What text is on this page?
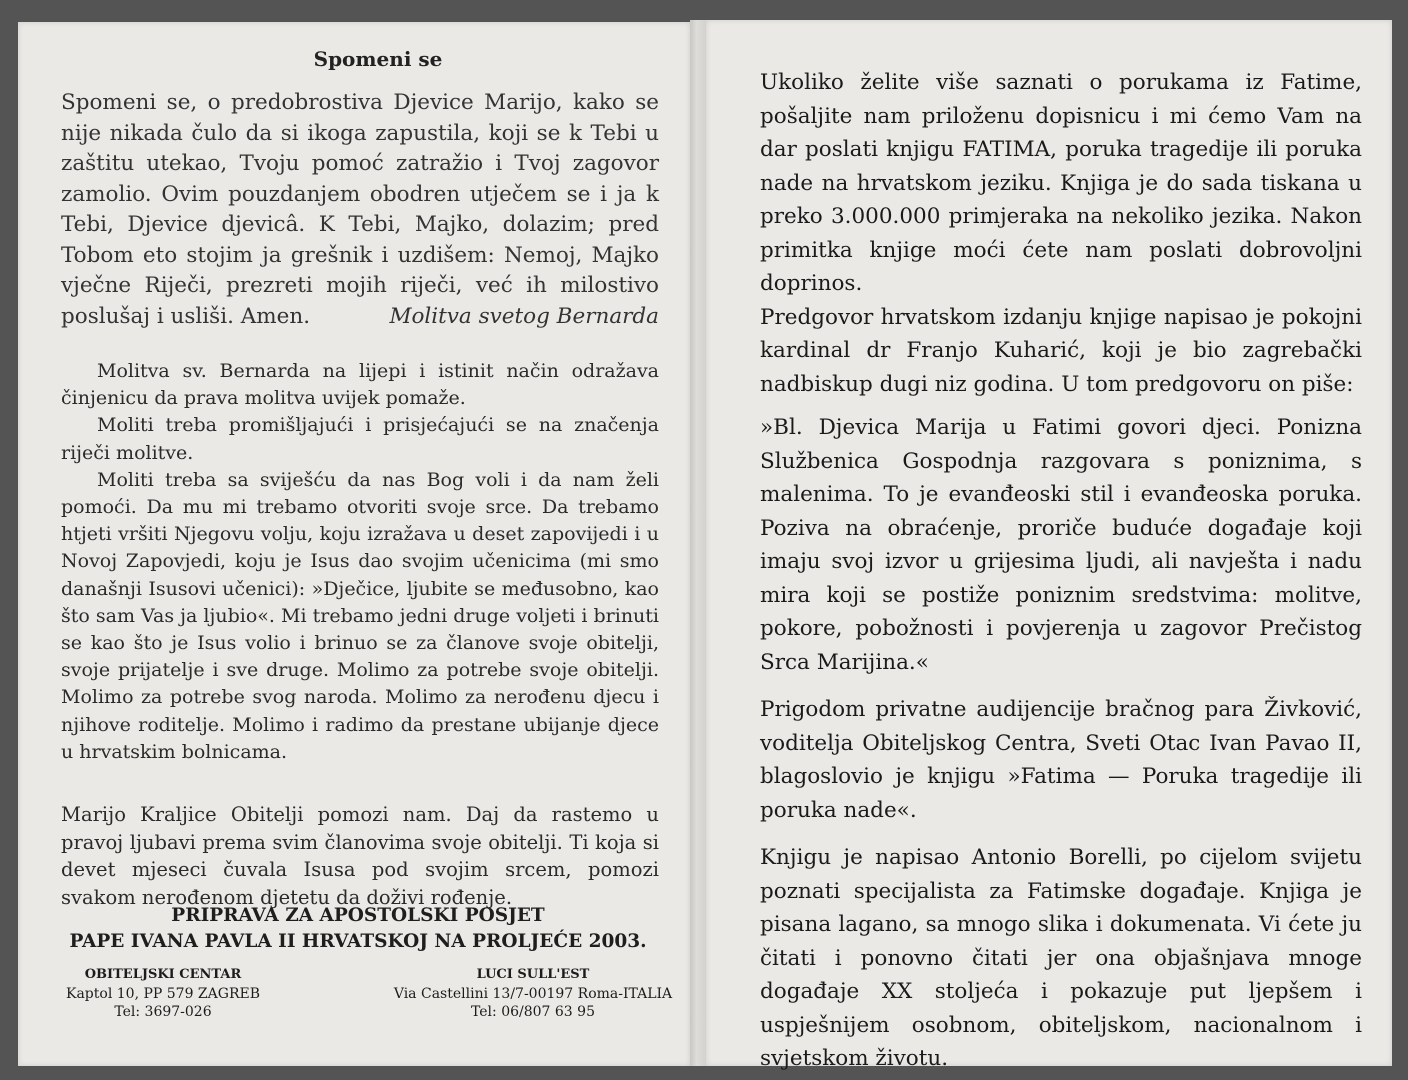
Spomeni se

Spomeni se, o predobrostiva Djevice Marijo, kako se nije nikada čulo da si ikoga zapustila, koji se k Tebi u zaštitu utekao, Tvoju pomoć zatražio i Tvoj zagovor zamolio. Ovim pouzdanjem obodren utječem se i ja k Tebi, Djevice djevicâ. K Tebi, Majko, dolazim; pred Tobom eto stojim ja grešnik i uzdišem: Nemoj, Majko vječne Riječi, prezreti mojih riječi, već ih milostivo poslušaj i usliši. Amen.	Molitva svetog Bernarda

Molitva sv. Bernarda na lijepi i istinit način odražava činjenicu da prava molitva uvijek pomaže.

Moliti treba promišljajući i prisjećajući se na značenja riječi molitve.

Moliti treba sa sviješću da nas Bog voli i da nam želi pomoći. Da mu mi trebamo otvoriti svoje srce. Da trebamo htjeti vršiti Njegovu volju, koju izražava u deset zapovijedi i u Novoj Zapovjedi, koju je Isus dao svojim učenicima (mi smo današnji Isusovi učenici): »Dječice, ljubite se međusobno, kao što sam Vas ja ljubio«. Mi trebamo jedni druge voljeti i brinuti se kao što je Isus volio i brinuo se za članove svoje obitelji, svoje prijatelje i sve druge. Molimo za potrebe svoje obitelji. Molimo za potrebe svog naroda. Molimo za nerođenu djecu i njihove roditelje. Molimo i radimo da prestane ubijanje djece u hrvatskim bolnicama.

Marijo Kraljice Obitelji pomozi nam. Daj da rastemo u pravoj ljubavi prema svim članovima svoje obitelji. Ti koja si devet mjeseci čuvala Isusa pod svojim srcem, pomozi svakom nerođenom djetetu da doživi rođenje.

PRIPRAVA ZA APOSTOLSKI POSJET
PAPE IVANA PAVLA II HRVATSKOJ NA PROLJEĆE 2003.
OBITELJSKI CENTAR
Kaptol 10, PP 579 ZAGREB
Tel: 3697-026
LUCI SULL'EST
Via Castellini 13/7-00197 Roma-ITALIA
Tel: 06/807 63 95

Ukoliko želite više saznati o porukama iz Fatime, pošaljite nam priloženu dopisnicu i mi ćemo Vam na dar poslati knjigu FATIMA, poruka tragedije ili poruka nade na hrvatskom jeziku. Knjiga je do sada tiskana u preko 3.000.000 primjeraka na nekoliko jezika. Nakon primitka knjige moći ćete nam poslati dobrovoljni doprinos.

Predgovor hrvatskom izdanju knjige napisao je pokojni kardinal dr Franjo Kuharić, koji je bio zagrebački nadbiskup dugi niz godina. U tom predgovoru on piše:

»Bl. Djevica Marija u Fatimi govori djeci. Ponizna Službenica Gospodnja razgovara s poniznima, s malenima. To je evanđeoski stil i evanđeoska poruka. Poziva na obraćenje, proriče buduće događaje koji imaju svoj izvor u grijesima ljudi, ali navješta i nadu mira koji se postiže poniznim sredstvima: molitve, pokore, pobožnosti i povjerenja u zagovor Prečistog Srca Marijina.«

Prigodom privatne audijencije bračnog para Živković, voditelja Obiteljskog Centra, Sveti Otac Ivan Pavao II, blagoslovio je knjigu »Fatima — Poruka tragedije ili poruka nade«.

Knjigu je napisao Antonio Borelli, po cijelom svijetu poznati specijalista za Fatimske događaje. Knjiga je pisana lagano, sa mnogo slika i dokumenata. Vi ćete ju čitati i ponovno čitati jer ona objašnjava mnoge događaje XX stoljeća i pokazuje put ljepšem i uspješnijem osobnom, obiteljskom, nacionalnom i svjetskom životu.
